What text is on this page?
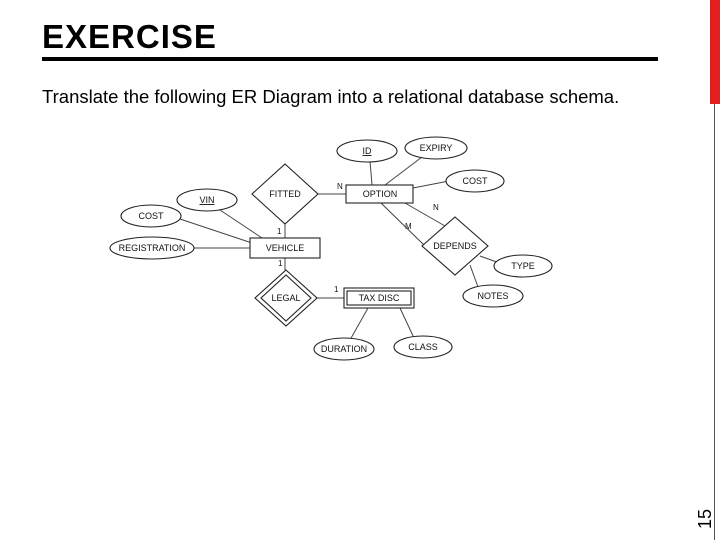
EXERCISE

Translate the following ER Diagram into a relational database schema.

15
FITTED
DEPENDS
LEGAL
OPTION
VEHICLE
TAX DISC
ID	EXPIRY
COST
VIN
COST
REGISTRATION
TYPE
NOTES
DURATION	CLASS
N
1
N
M
1
1
